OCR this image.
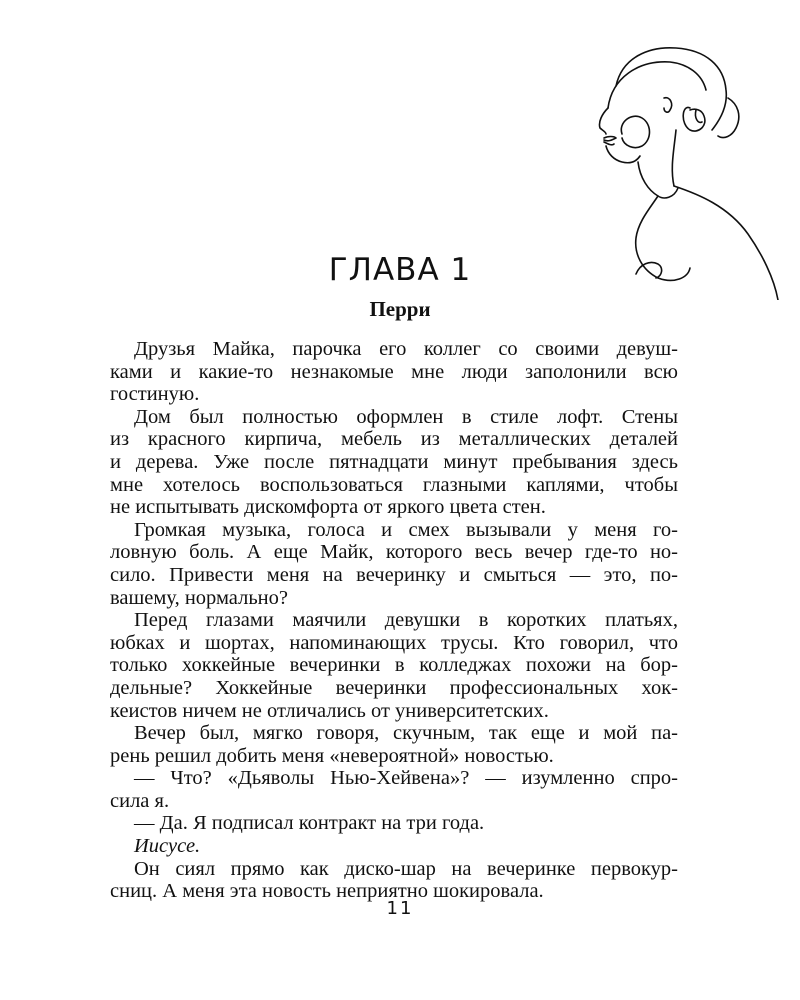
ГЛАВА 1
Перри
Друзья Майка, парочка его коллег со своими девуш-
ками и какие-то незнакомые мне люди заполонили всю
гостиную.
Дом был полностью оформлен в стиле лофт. Стены
из красного кирпича, мебель из металлических деталей
и дерева. Уже после пятнадцати минут пребывания здесь
мне хотелось воспользоваться глазными каплями, чтобы
не испытывать дискомфорта от яркого цвета стен.
Громкая музыка, голоса и смех вызывали у меня го-
ловную боль. А еще Майк, которого весь вечер где-то но-
сило. Привести меня на вечеринку и смыться — это, по-
вашему, нормально?
Перед глазами маячили девушки в коротких платьях,
юбках и шортах, напоминающих трусы. Кто говорил, что
только хоккейные вечеринки в колледжах похожи на бор-
дельные? Хоккейные вечеринки профессиональных хок-
кеистов ничем не отличались от университетских.
Вечер был, мягко говоря, скучным, так еще и мой па-
рень решил добить меня «невероятной» новостью.
— Что? «Дьяволы Нью-Хейвена»? — изумленно спро-
сила я.
— Да. Я подписал контракт на три года.
Иисусе.
Он сиял прямо как диско-шар на вечеринке первокур-
сниц. А меня эта новость неприятно шокировала.
11
